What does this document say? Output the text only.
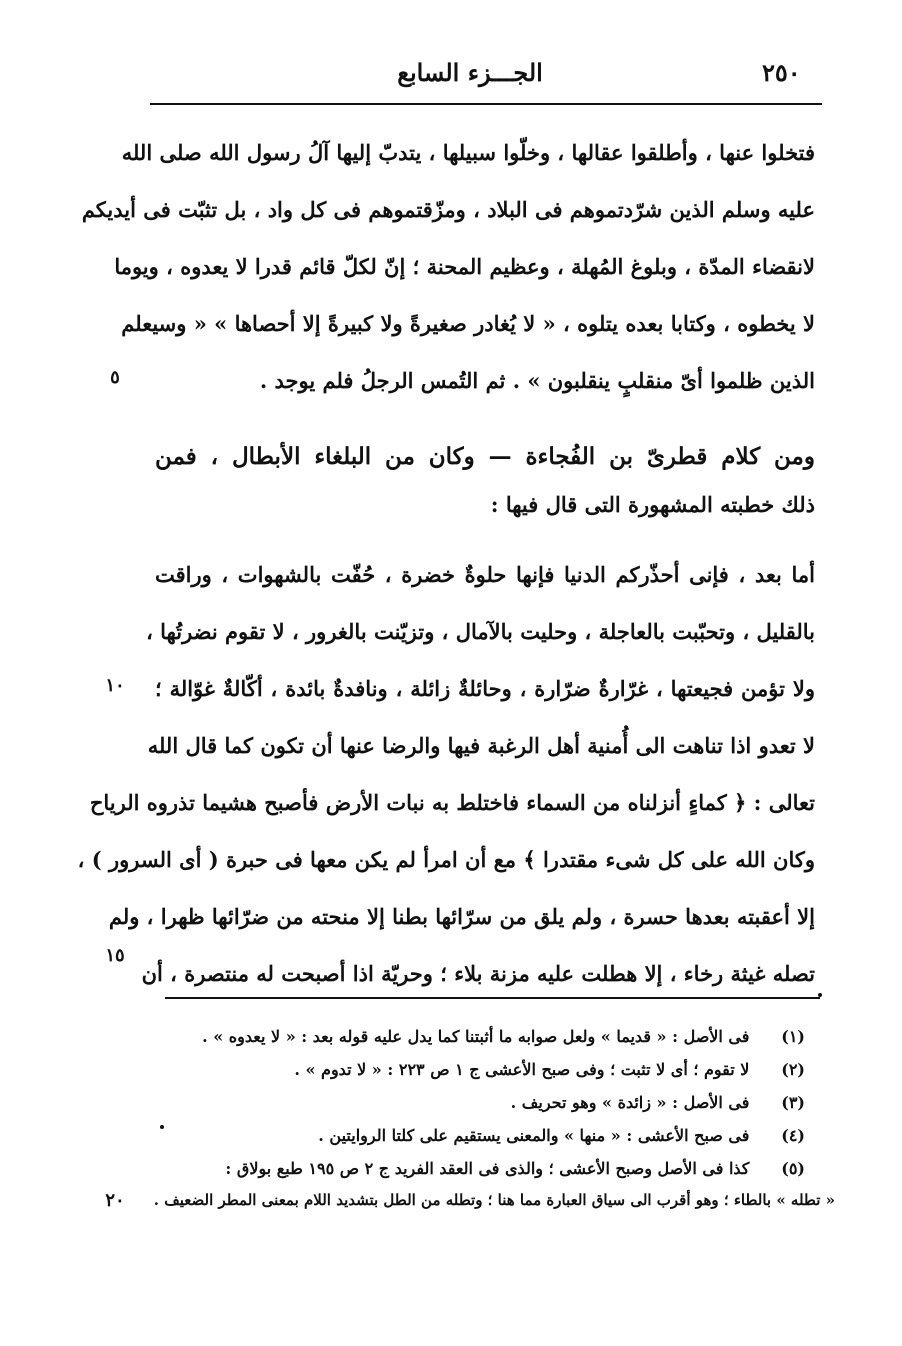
٢٥٠
الجـــزء السابع
فتخلوا عنها ، وأطلقوا عقالها ، وخلّوا سبيلها ، يتدبّ إليها آلُ رسول الله صلى الله
عليه وسلم الذين شرّدتموهم فى البلاد ، ومزّقتموهم فى كل واد ، بل تثبّت فى أيديكم
لانقضاء المدّة ، وبلوغ المُهلة ، وعظيم المحنة ؛ إنّ لكلّ قائم قدرا لا يعدوه ، ويوما
لا يخطوه ، وكتابا بعده يتلوه ، « لا يُغادر صغيرةً ولا كبيرةً إلا أحصاها » « وسيعلم
الذين ظلموا أىّ منقلبٍ ينقلبون » . ثم التُمس الرجلُ فلم يوجد .
ومن كلام قطرىّ بن الفُجاءة — وكان من البلغاء الأبطال ، فمن
ذلك خطبته المشهورة التى قال فيها :
أما بعد ، فإنى أحذّركم الدنيا فإنها حلوةٌ خضرة ، حُفّت بالشهوات ، وراقت
بالقليل ، وتحبّبت بالعاجلة ، وحليت بالآمال ، وتزيّنت بالغرور ، لا تقوم نضرتُها ،
ولا تؤمن فجيعتها ، غرّارةٌ ضرّارة ، وحائلةٌ زائلة ، ونافدةٌ بائدة ، أكّالةٌ غوّالة ؛
لا تعدو اذا تناهت الى أُمنية أهل الرغبة فيها والرضا عنها أن تكون كما قال الله
تعالى : ﴿ كماءٍ أنزلناه من السماء فاختلط به نبات الأرض فأصبح هشيما تذروه الرياح
وكان الله على كل شىء مقتدرا ﴾ مع أن امرأ لم يكن معها فى حبرة ( أى السرور ) ،
إلا أعقبته بعدها حسرة ، ولم يلق من سرّائها بطنا إلا منحته من ضرّائها ظهرا ، ولم
تصله غيثة رخاء ، إلا هطلت عليه مزنة بلاء ؛ وحريّة اذا أصبحت له منتصرة ، أن
٥
١٠
١٥
٢٠
(١) فى الأصل : « قديما » ولعل صوابه ما أثبتنا كما يدل عليه قوله بعد : « لا يعدوه » .
(٢) لا تقوم ؛ أى لا تثبت ؛ وفى صبح الأعشى ج ١ ص ٢٢٣ : « لا تدوم » .
(٣) فى الأصل : « زائدة » وهو تحريف .
(٤) فى صبح الأعشى : « منها » والمعنى يستقيم على كلتا الروايتين .
(٥) كذا فى الأصل وصبح الأعشى ؛ والذى فى العقد الفريد ج ٢ ص ١٩٥ طبع بولاق :
« تطله » بالطاء ؛ وهو أقرب الى سياق العبارة مما هنا ؛ وتطله من الطل بتشديد اللام بمعنى المطر الضعيف .
